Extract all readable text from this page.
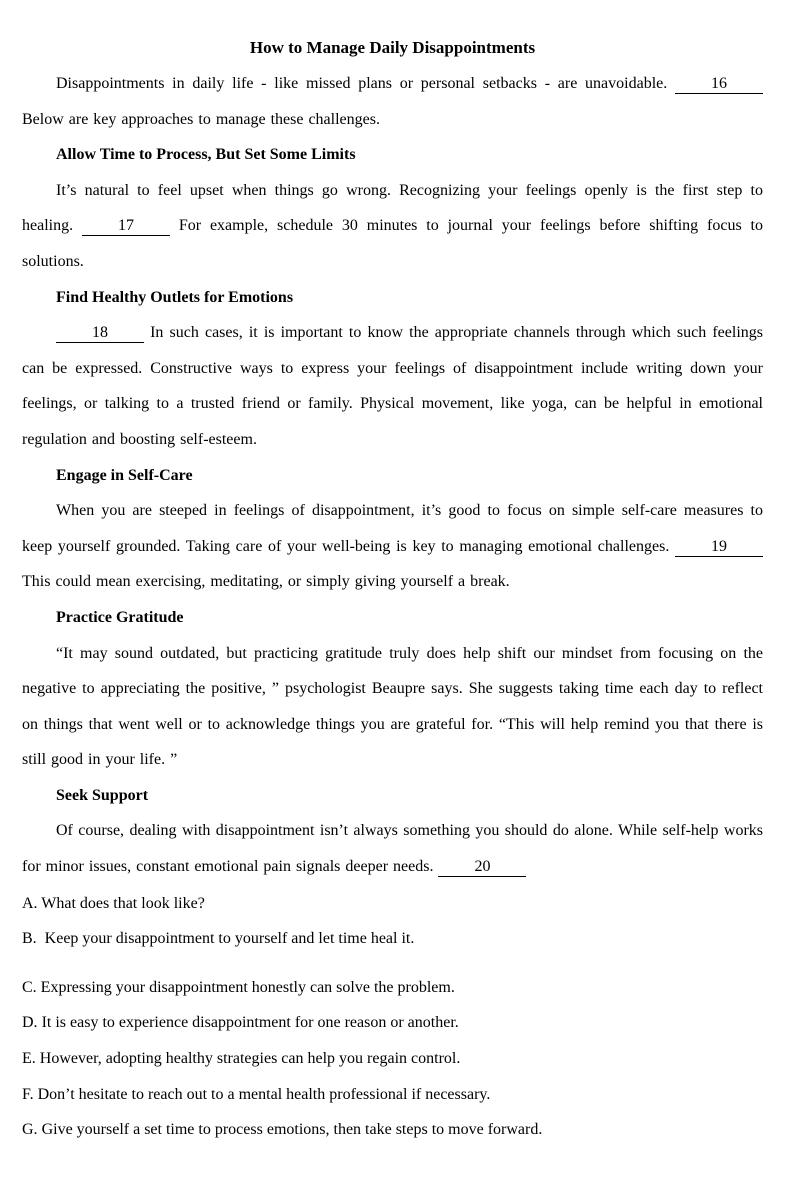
How to Manage Daily Disappointments

Disappointments in daily life - like missed plans or personal setbacks - are unavoidable. 16 Below are key approaches to manage these challenges.

Allow Time to Process, But Set Some Limits

It’s natural to feel upset when things go wrong. Recognizing your feelings openly is the first step to healing. 17 For example, schedule 30 minutes to journal your feelings before shifting focus to solutions.

Find Healthy Outlets for Emotions

18 In such cases, it is important to know the appropriate channels through which such feelings can be expressed. Constructive ways to express your feelings of disappointment include writing down your feelings, or talking to a trusted friend or family. Physical movement, like yoga, can be helpful in emotional regulation and boosting self-esteem.

Engage in Self-Care

When you are steeped in feelings of disappointment, it’s good to focus on simple self-care measures to keep yourself grounded. Taking care of your well-being is key to managing emotional challenges. 19 This could mean exercising, meditating, or simply giving yourself a break.

Practice Gratitude

“It may sound outdated, but practicing gratitude truly does help shift our mindset from focusing on the negative to appreciating the positive, ” psychologist Beaupre says. She suggests taking time each day to reflect on things that went well or to acknowledge things you are grateful for. “This will help remind you that there is still good in your life. ”

Seek Support

Of course, dealing with disappointment isn’t always something you should do alone. While self-help works for minor issues, constant emotional pain signals deeper needs. 20

A. What does that look like?
B. Keep your disappointment to yourself and let time heal it.
C. Expressing your disappointment honestly can solve the problem.
D. It is easy to experience disappointment for one reason or another.
E. However, adopting healthy strategies can help you regain control.
F. Don’t hesitate to reach out to a mental health professional if necessary.
G. Give yourself a set time to process emotions, then take steps to move forward.
